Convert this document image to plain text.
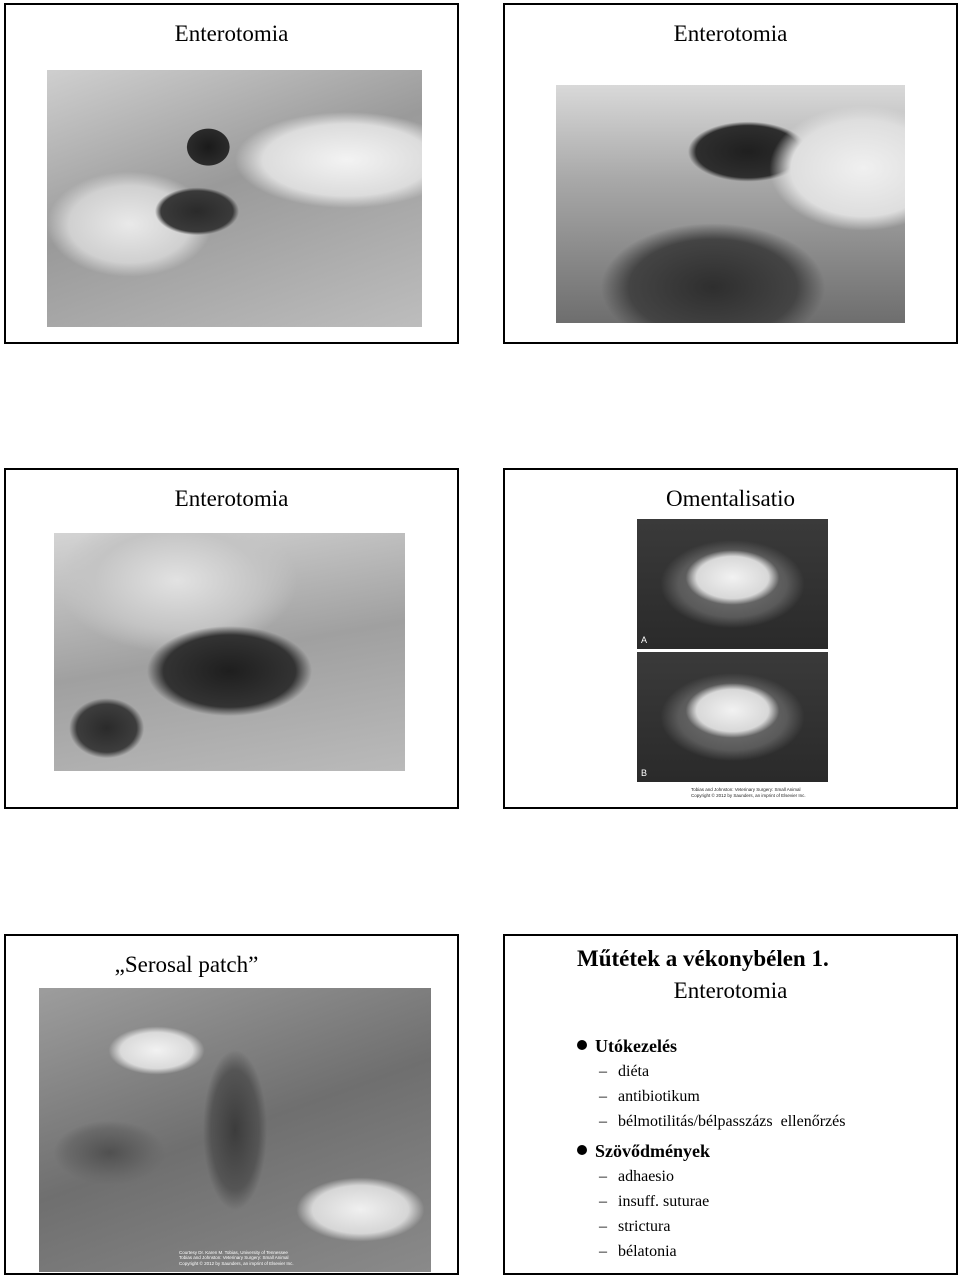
Enterotomia	Enterotomia
Enterotomia	Omentalisatio
A
B
Tobias and Johnston: Veterinary Surgery: Small Animal
Copyright © 2012 by Saunders, an imprint of Elsevier Inc.
„Serosal patch”
Courtesy Dr. Karen M. Tobias, University of Tennessee
Tobias and Johnston: Veterinary Surgery: Small Animal
Copyright © 2012 by Saunders, an imprint of Elsevier Inc.
Műtétek a vékonybélen 1.
Enterotomia
Utókezelés
– diéta
– antibiotikum
– bélmotilitás/bélpasszázs  ellenőrzés
Szövődmények
– adhaesio
– insuff. suturae
– strictura
– bélatonia
